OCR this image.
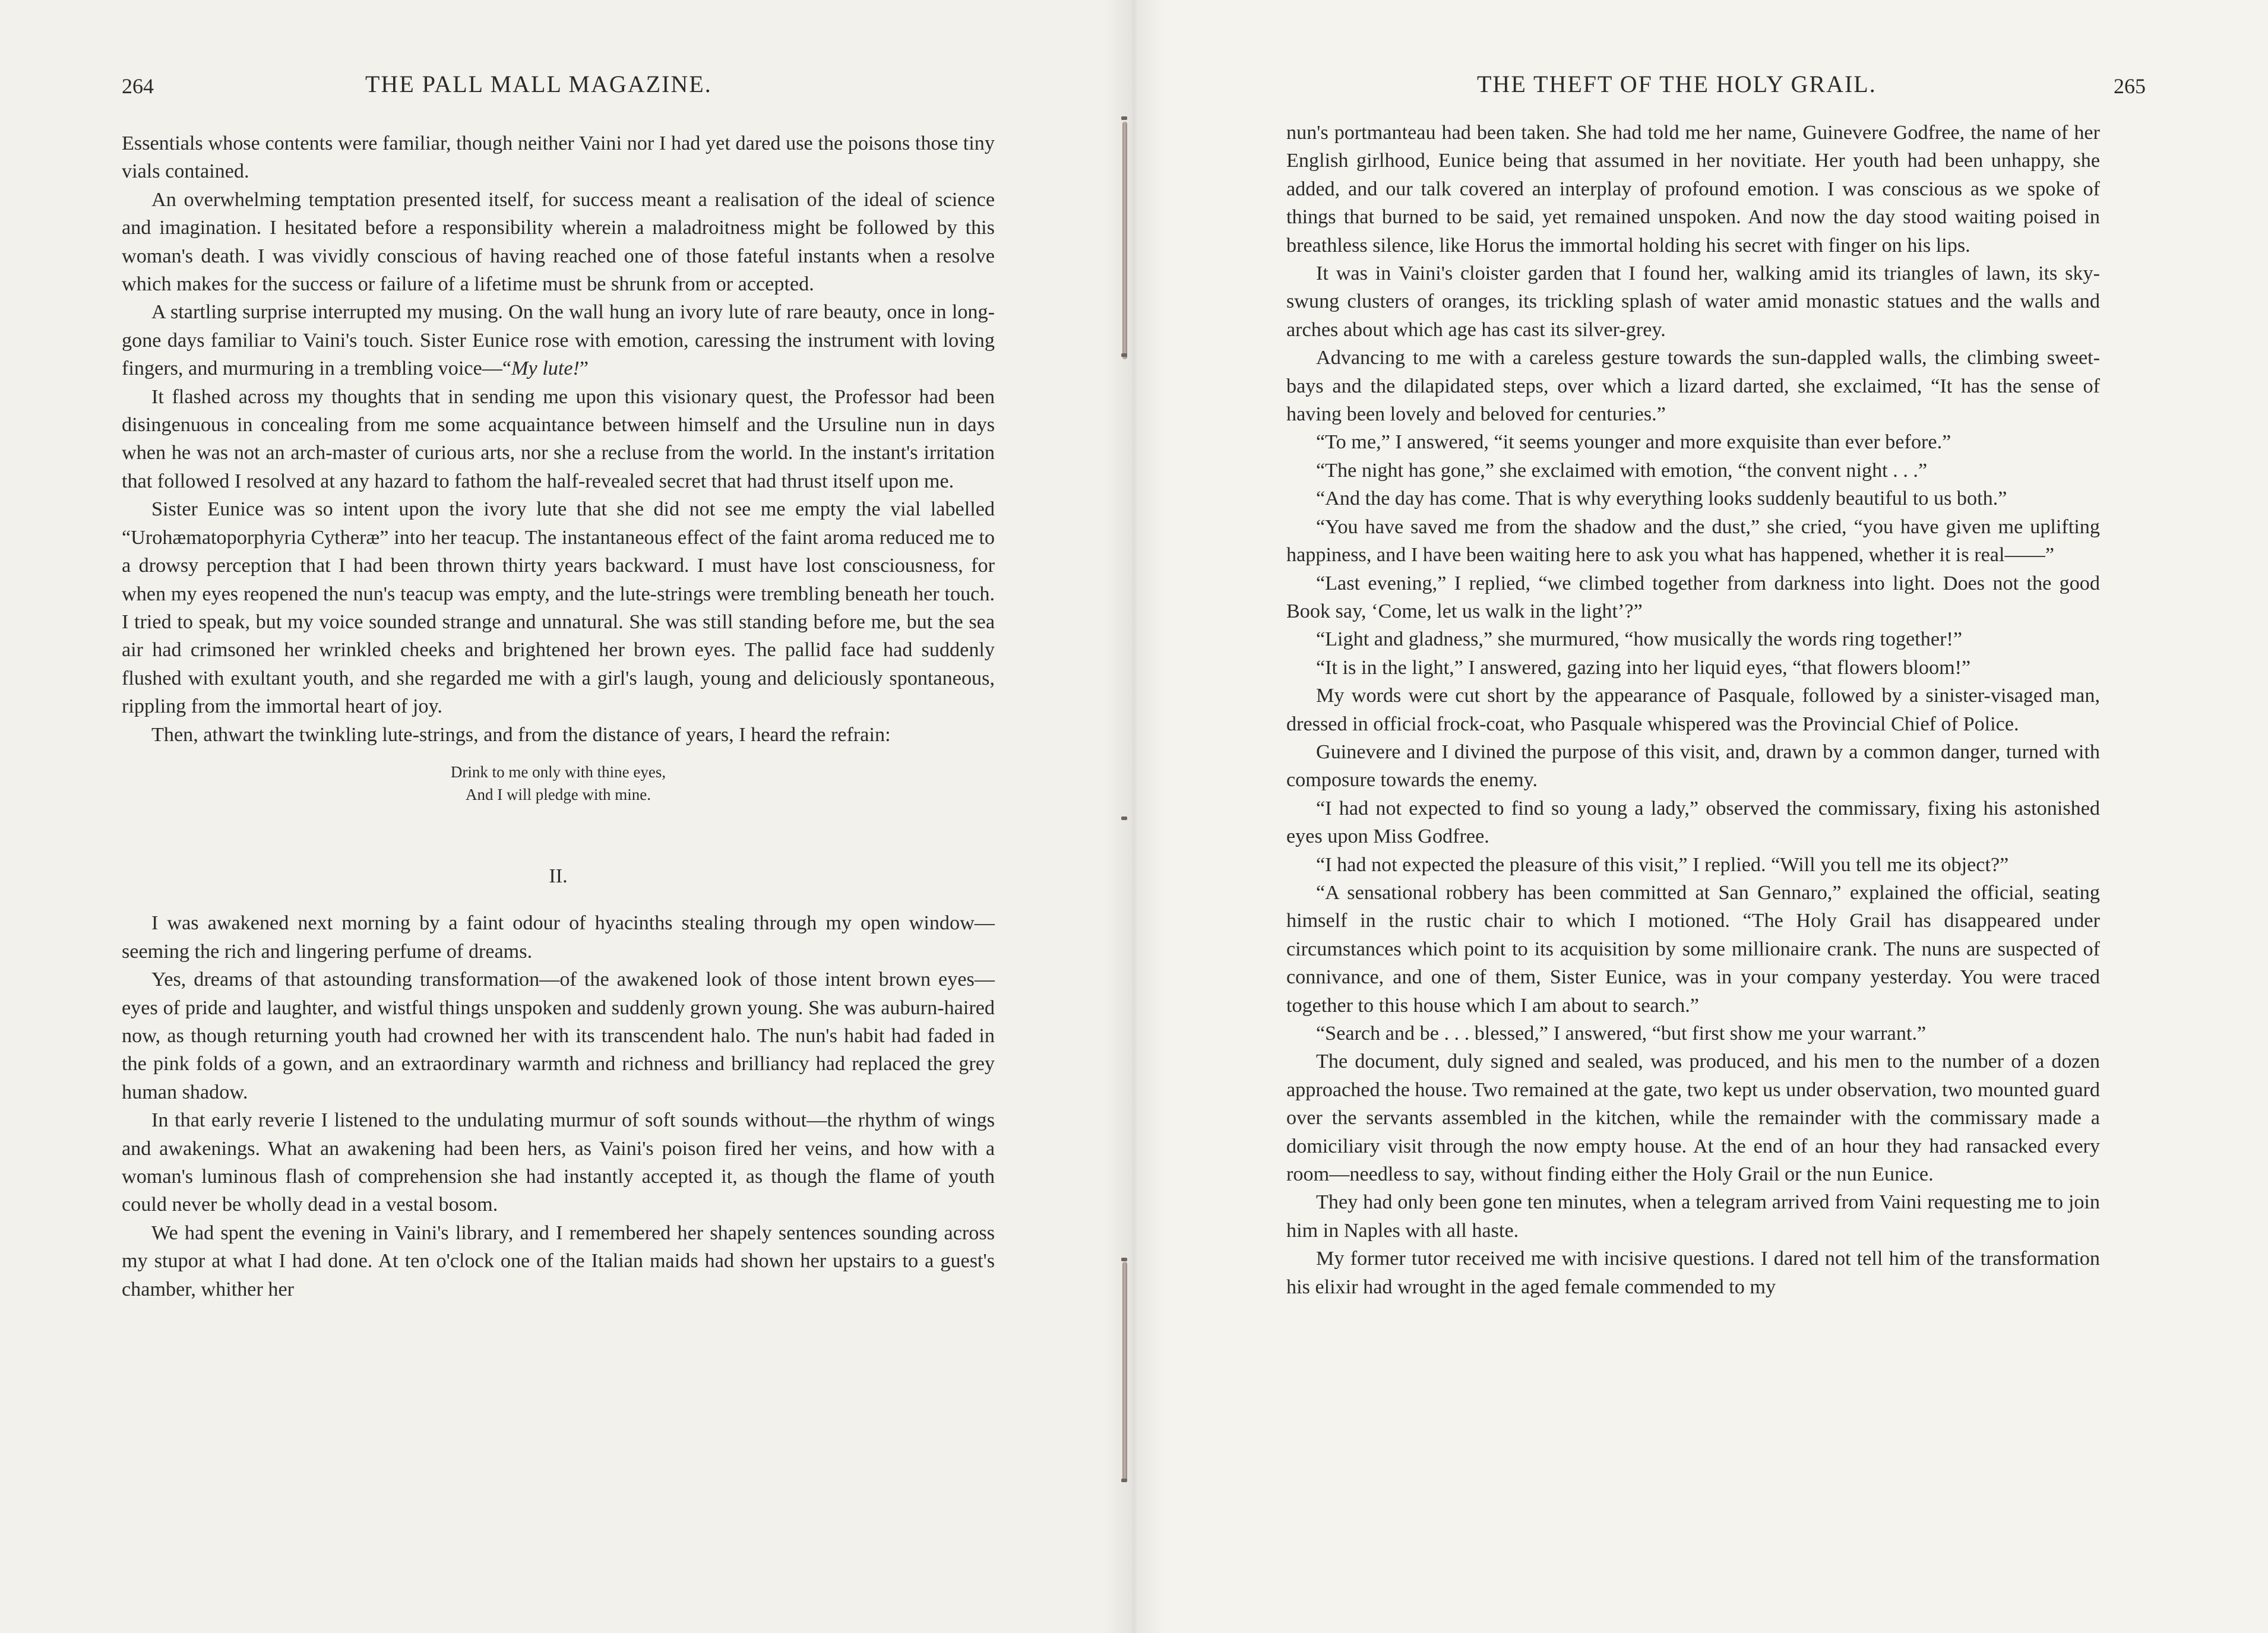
264	THE PALL MALL MAGAZINE.

Essentials whose contents were familiar, though neither Vaini nor I had yet dared use the poisons those tiny vials contained.

An overwhelming temptation presented itself, for success meant a realisation of the ideal of science and imagination. I hesitated before a responsibility wherein a maladroitness might be followed by this woman's death. I was vividly conscious of having reached one of those fateful instants when a resolve which makes for the success or failure of a lifetime must be shrunk from or accepted.

A startling surprise interrupted my musing. On the wall hung an ivory lute of rare beauty, once in long-gone days familiar to Vaini's touch. Sister Eunice rose with emotion, caressing the instrument with loving fingers, and murmuring in a trembling voice—“My lute!”

It flashed across my thoughts that in sending me upon this visionary quest, the Professor had been disingenuous in concealing from me some acquaintance between himself and the Ursuline nun in days when he was not an arch-master of curious arts, nor she a recluse from the world. In the instant's irritation that followed I resolved at any hazard to fathom the half-revealed secret that had thrust itself upon me.

Sister Eunice was so intent upon the ivory lute that she did not see me empty the vial labelled “Urohæmatoporphyria Cytheræ” into her teacup. The instantaneous effect of the faint aroma reduced me to a drowsy perception that I had been thrown thirty years backward. I must have lost consciousness, for when my eyes reopened the nun's teacup was empty, and the lute-strings were trembling beneath her touch. I tried to speak, but my voice sounded strange and unnatural. She was still standing before me, but the sea air had crimsoned her wrinkled cheeks and brightened her brown eyes. The pallid face had suddenly flushed with exultant youth, and she regarded me with a girl's laugh, young and deliciously spontaneous, rippling from the immortal heart of joy.

Then, athwart the twinkling lute-strings, and from the distance of years, I heard the refrain:

Drink to me only with thine eyes,
And I will pledge with mine.
II.

I was awakened next morning by a faint odour of hyacinths stealing through my open window—seeming the rich and lingering perfume of dreams.

Yes, dreams of that astounding transformation—of the awakened look of those intent brown eyes—eyes of pride and laughter, and wistful things unspoken and suddenly grown young. She was auburn-haired now, as though returning youth had crowned her with its transcendent halo. The nun's habit had faded in the pink folds of a gown, and an extraordinary warmth and richness and brilliancy had replaced the grey human shadow.

In that early reverie I listened to the undulating murmur of soft sounds without—the rhythm of wings and awakenings. What an awakening had been hers, as Vaini's poison fired her veins, and how with a woman's luminous flash of comprehension she had instantly accepted it, as though the flame of youth could never be wholly dead in a vestal bosom.

We had spent the evening in Vaini's library, and I remembered her shapely sentences sounding across my stupor at what I had done. At ten o'clock one of the Italian maids had shown her upstairs to a guest's chamber, whither her

THE THEFT OF THE HOLY GRAIL.	265

nun's portmanteau had been taken. She had told me her name, Guinevere Godfree, the name of her English girlhood, Eunice being that assumed in her novitiate. Her youth had been unhappy, she added, and our talk covered an interplay of profound emotion. I was conscious as we spoke of things that burned to be said, yet remained unspoken. And now the day stood waiting poised in breathless silence, like Horus the immortal holding his secret with finger on his lips.

It was in Vaini's cloister garden that I found her, walking amid its triangles of lawn, its sky-swung clusters of oranges, its trickling splash of water amid monastic statues and the walls and arches about which age has cast its silver-grey.

Advancing to me with a careless gesture towards the sun-dappled walls, the climbing sweet-bays and the dilapidated steps, over which a lizard darted, she exclaimed, “It has the sense of having been lovely and beloved for centuries.”

“To me,” I answered, “it seems younger and more exquisite than ever before.”

“The night has gone,” she exclaimed with emotion, “the convent night . . .”

“And the day has come. That is why everything looks suddenly beautiful to us both.”

“You have saved me from the shadow and the dust,” she cried, “you have given me uplifting happiness, and I have been waiting here to ask you what has happened, whether it is real——”

“Last evening,” I replied, “we climbed together from darkness into light. Does not the good Book say, ‘Come, let us walk in the light’?”

“Light and gladness,” she murmured, “how musically the words ring together!”

“It is in the light,” I answered, gazing into her liquid eyes, “that flowers bloom!”

My words were cut short by the appearance of Pasquale, followed by a sinister-visaged man, dressed in official frock-coat, who Pasquale whispered was the Provincial Chief of Police.

Guinevere and I divined the purpose of this visit, and, drawn by a common danger, turned with composure towards the enemy.

“I had not expected to find so young a lady,” observed the commissary, fixing his astonished eyes upon Miss Godfree.

“I had not expected the pleasure of this visit,” I replied. “Will you tell me its object?”

“A sensational robbery has been committed at San Gennaro,” explained the official, seating himself in the rustic chair to which I motioned. “The Holy Grail has disappeared under circumstances which point to its acquisition by some millionaire crank. The nuns are suspected of connivance, and one of them, Sister Eunice, was in your company yesterday. You were traced together to this house which I am about to search.”

“Search and be . . . blessed,” I answered, “but first show me your warrant.”

The document, duly signed and sealed, was produced, and his men to the number of a dozen approached the house. Two remained at the gate, two kept us under observation, two mounted guard over the servants assembled in the kitchen, while the remainder with the commissary made a domiciliary visit through the now empty house. At the end of an hour they had ransacked every room—needless to say, without finding either the Holy Grail or the nun Eunice.

They had only been gone ten minutes, when a telegram arrived from Vaini requesting me to join him in Naples with all haste.

My former tutor received me with incisive questions. I dared not tell him of the transformation his elixir had wrought in the aged female commended to my
